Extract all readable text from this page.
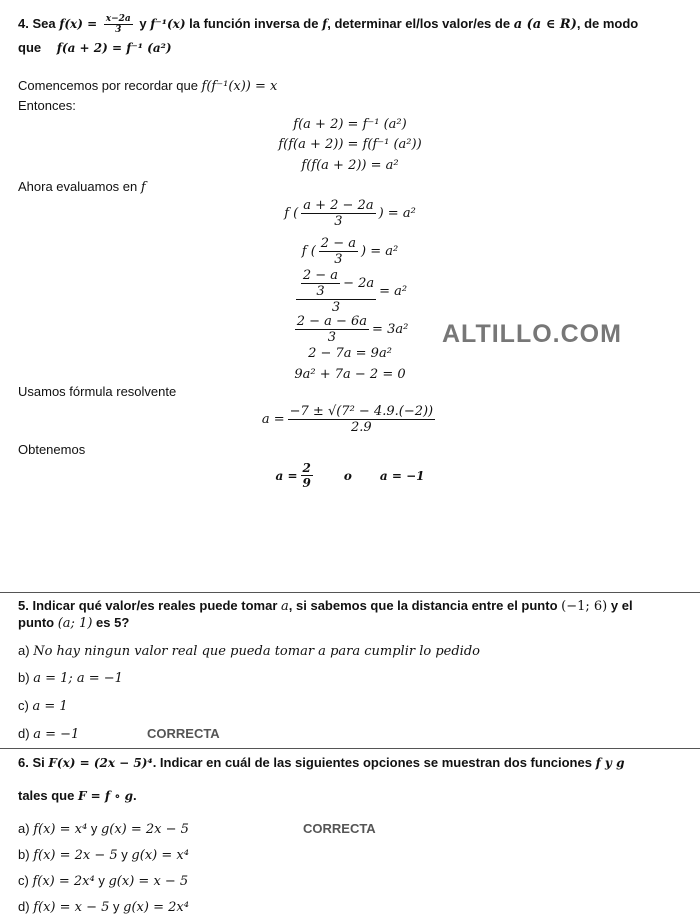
4. Sea $f(x) = \frac{x-2a}{3}$ y f⁻¹(x) la función inversa de f, determinar el/los valor/es de a (a ∈ R), de modo
que f(a + 2) = f⁻¹ (a²)
Comencemos por recordar que f(f⁻¹(x)) = x
Entonces:
f(a + 2) = f⁻¹ (a²)
f(f(a + 2)) = f(f⁻¹ (a²))
f(f(a + 2)) = a²
Ahora evaluamos en f
f ( $\frac{a + 2 - 2a}{3}$ ) = a²
f ( $\frac{2 - a}{3}$ ) = a²
$\frac{\frac{2 - a}{3} - 2a}{3} = a^2$
$\frac{2 - a - 6a}{3} = 3a^2$
2 − 7a = 9a²
9a² + 7a − 2 = 0
ALTILLO.COM
Usamos fórmula resolvente
$a = \frac{\text{−7 ± √(7² − 4.9.(−2))}}{2.9}$
Obtenemos
$a = \frac{2}{9}$	o a = −1
5. Indicar qué valor/es reales puede tomar a, si sabemos que la distancia entre el punto (−1; 6) y el
punto (a; 1) es 5?
a) No hay ningun valor real que pueda tomar a para cumplir lo pedido
b) a = 1; a = −1
c) a = 1
d) a = −1	CORRECTA
6. Si F(x) = (2x − 5)⁴. Indicar en cuál de las siguientes opciones se muestran dos funciones f y g
tales que F = f ∘ g.
a) f(x) = x⁴ y g(x) = 2x − 5	CORRECTA
b) f(x) = 2x − 5 y g(x) = x⁴
c) f(x) = 2x⁴ y g(x) = x − 5
d) f(x) = x − 5 y g(x) = 2x⁴
